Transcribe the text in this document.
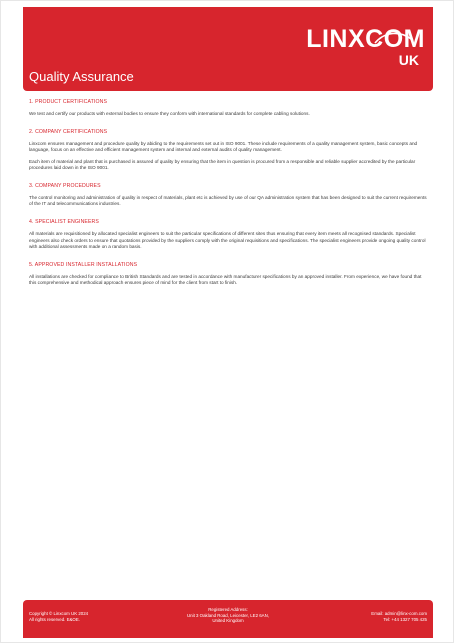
LINXCOM
UK
Quality Assurance
1. PRODUCT CERTIFICATIONS

We test and certify our products with external bodies to ensure they conform with international standards for complete cabling solutions.

2. COMPANY CERTIFICATIONS

Linxcom ensures management and procedure quality by abiding to the requirements set out in ISO 9001. These include requirements of a quality management system, basic concepts and language, focus on an effective and efficient management system and internal and external audits of quality management.

Each item of material and plant that is purchased is assured of quality by ensuring that the item in question is procured from a responsible and reliable supplier accredited by the particular procedures laid down in the ISO 9001.

3. COMPANY PROCEDURES

The control monitoring and administration of quality in respect of materials, plant etc is achieved by use of our QA administration system that has been designed to suit the current requirements of the IT and telecommunications industries.

4. SPECIALIST ENGINEERS

All materials are requisitioned by allocated specialist engineers to suit the particular specifications of different sites thus ensuring that every item meets all recognised standards. Specialist engineers also check orders to ensure that quotations provided by the suppliers comply with the original requisitions and specifications. The specialist engineers provide ongoing quality control with additional assessments made on a random basis.

5. APPROVED INSTALLER INSTALLATIONS

All installations are checked for compliance to British Standards and are tested in accordance with manufacturer specifications by an approved installer. From experience, we have found that this comprehensive and methodical approach ensures piece of mind for the client from start to finish.

Copyright © Linxcom UK 2024
All rights reserved. E&OE.
Registered Address:
Unit 3 Oakland Road, Leicester, LE2 6AN,
United Kingdom
Email: admin@linx-com.com
Tel: +44 1327 705 425
